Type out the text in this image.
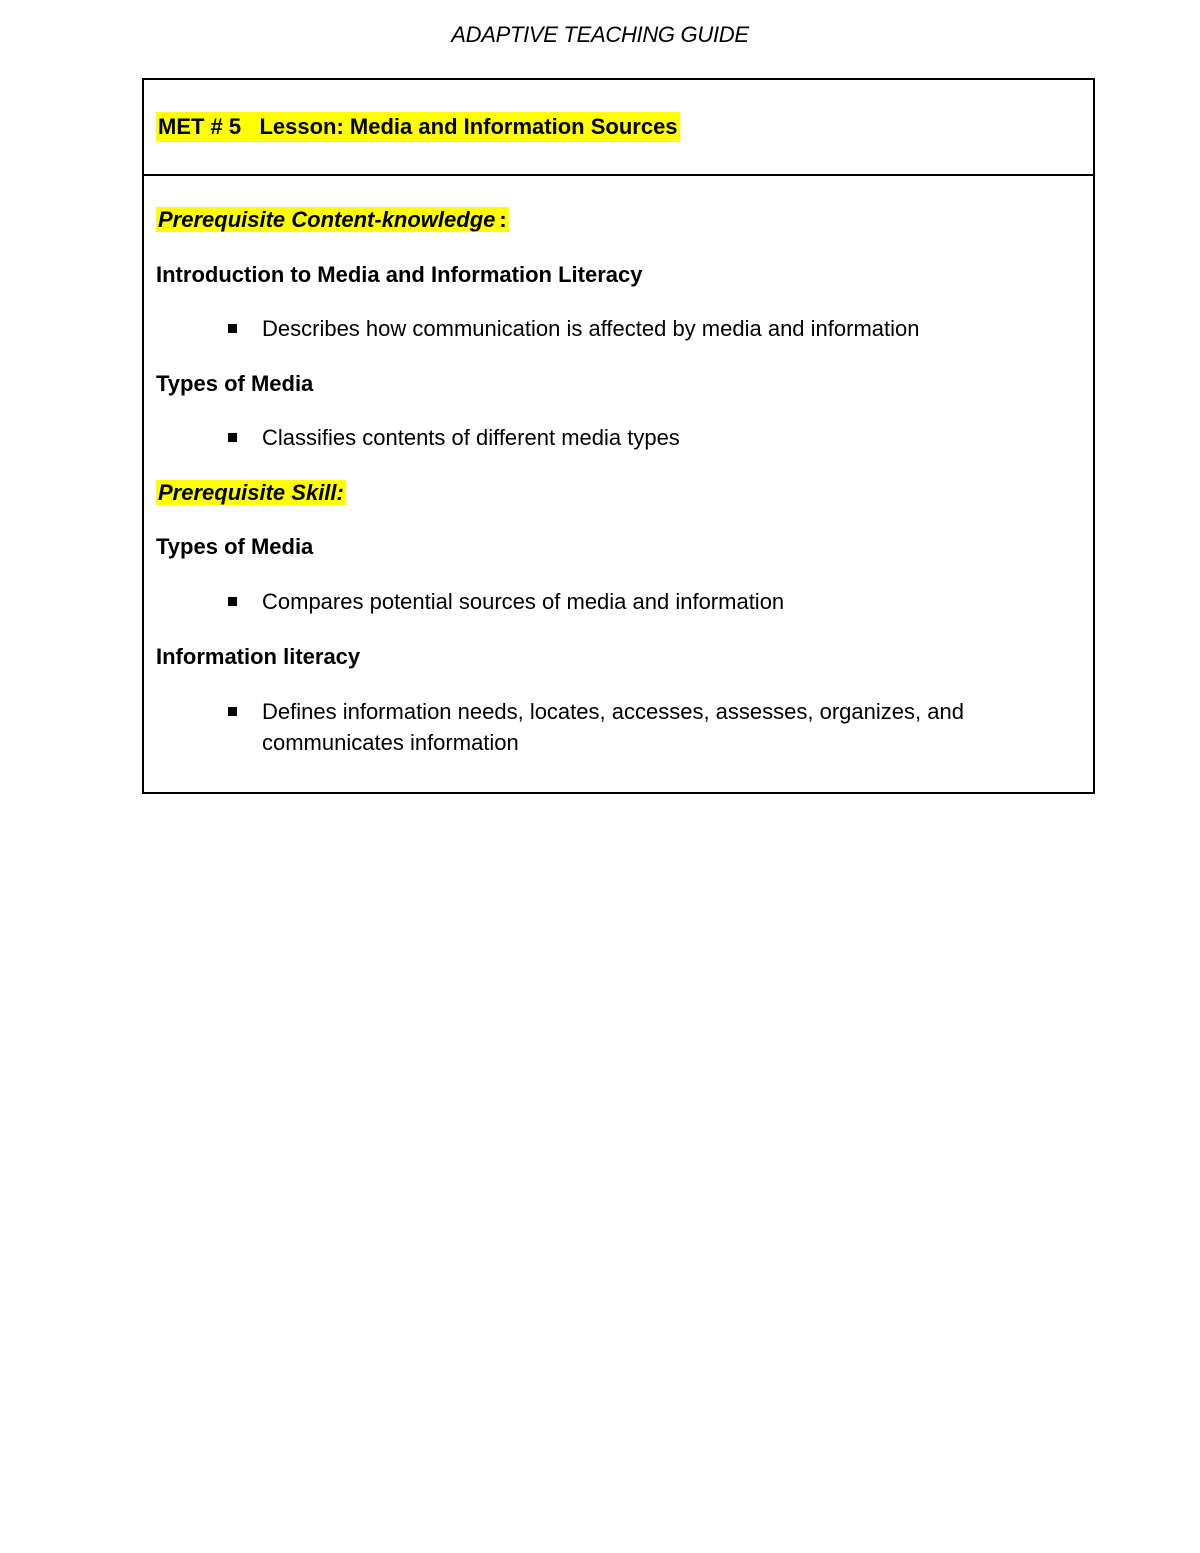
ADAPTIVE TEACHING GUIDE
MET # 5   Lesson: Media and Information Sources
Prerequisite Content-knowledge :
Introduction to Media and Information Literacy
Describes how communication is affected by media and information
Types of Media
Classifies contents of different media types
Prerequisite Skill:
Types of Media
Compares potential sources of media and information
Information literacy
Defines information needs, locates, accesses, assesses, organizes, and communicates information
